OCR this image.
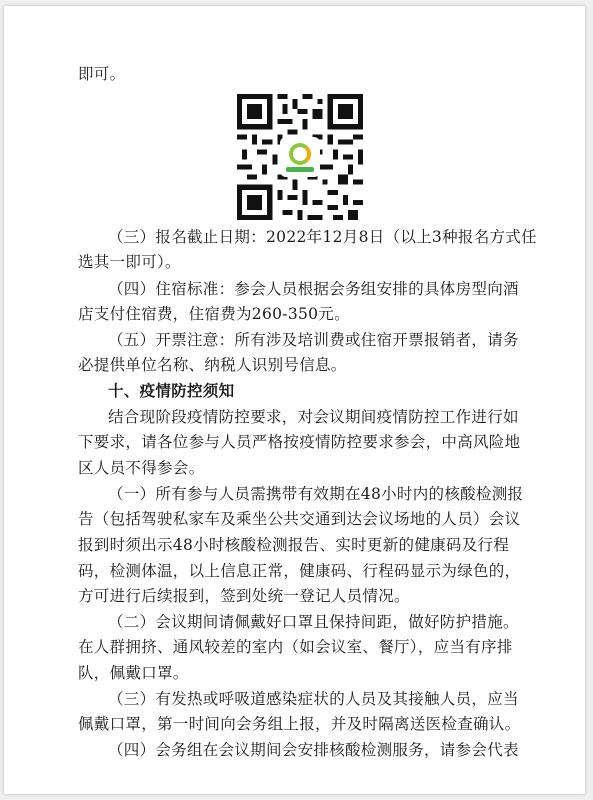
即可。
（三）报名截止日期：2022年12月8日（以上3种报名方式任
选其一即可）。
（四）住宿标准：参会人员根据会务组安排的具体房型向酒
店支付住宿费，住宿费为260-350元。
（五）开票注意：所有涉及培训费或住宿开票报销者，请务
必提供单位名称、纳税人识别号信息。
十、疫情防控须知
结合现阶段疫情防控要求，对会议期间疫情防控工作进行如
下要求，请各位参与人员严格按疫情防控要求参会，中高风险地
区人员不得参会。
（一）所有参与人员需携带有效期在48小时内的核酸检测报
告（包括驾驶私家车及乘坐公共交通到达会议场地的人员）会议
报到时须出示48小时核酸检测报告、实时更新的健康码及行程
码，检测体温，以上信息正常，健康码、行程码显示为绿色的，
方可进行后续报到，签到处统一登记人员情况。
（二）会议期间请佩戴好口罩且保持间距，做好防护措施。
在人群拥挤、通风较差的室内（如会议室、餐厅），应当有序排
队，佩戴口罩。
（三）有发热或呼吸道感染症状的人员及其接触人员，应当
佩戴口罩，第一时间向会务组上报，并及时隔离送医检查确认。
（四）会务组在会议期间会安排核酸检测服务，请参会代表
